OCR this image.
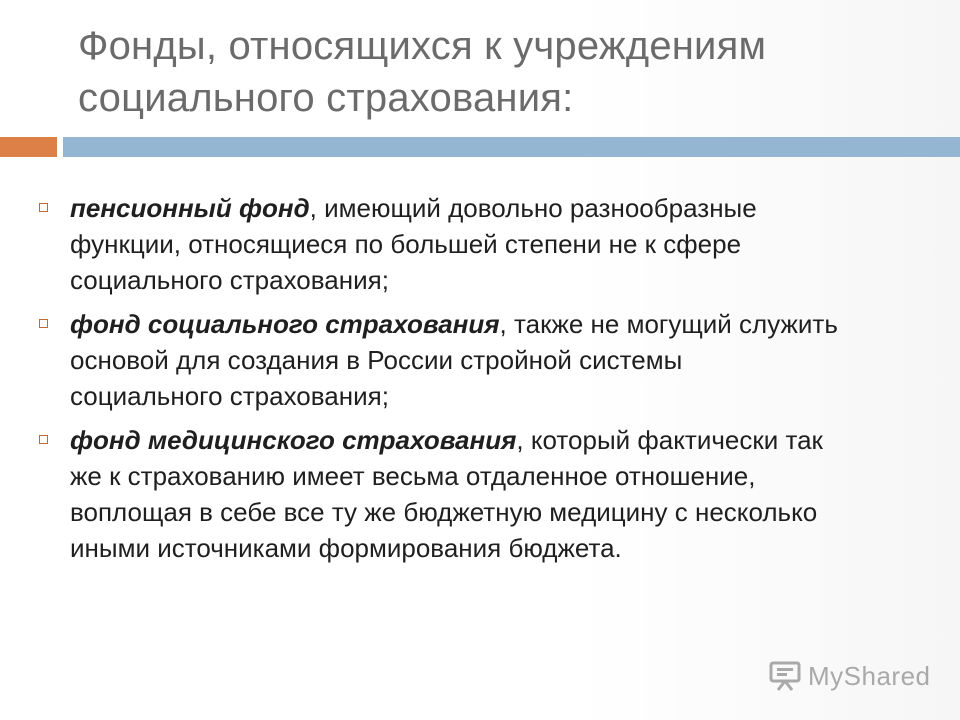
Фонды, относящихся к учреждениям
социального страхования:
пенсионный фонд, имеющий довольно разнообразные
функции, относящиеся по большей степени не к сфере
социального страхования;
фонд социального страхования, также не могущий служить
основой для создания в России стройной системы
социального страхования;
фонд медицинского страхования, который фактически так
же к страхованию имеет весьма отдаленное отношение,
воплощая в себе все ту же бюджетную медицину с несколько
иными источниками формирования бюджета.
MyShared
